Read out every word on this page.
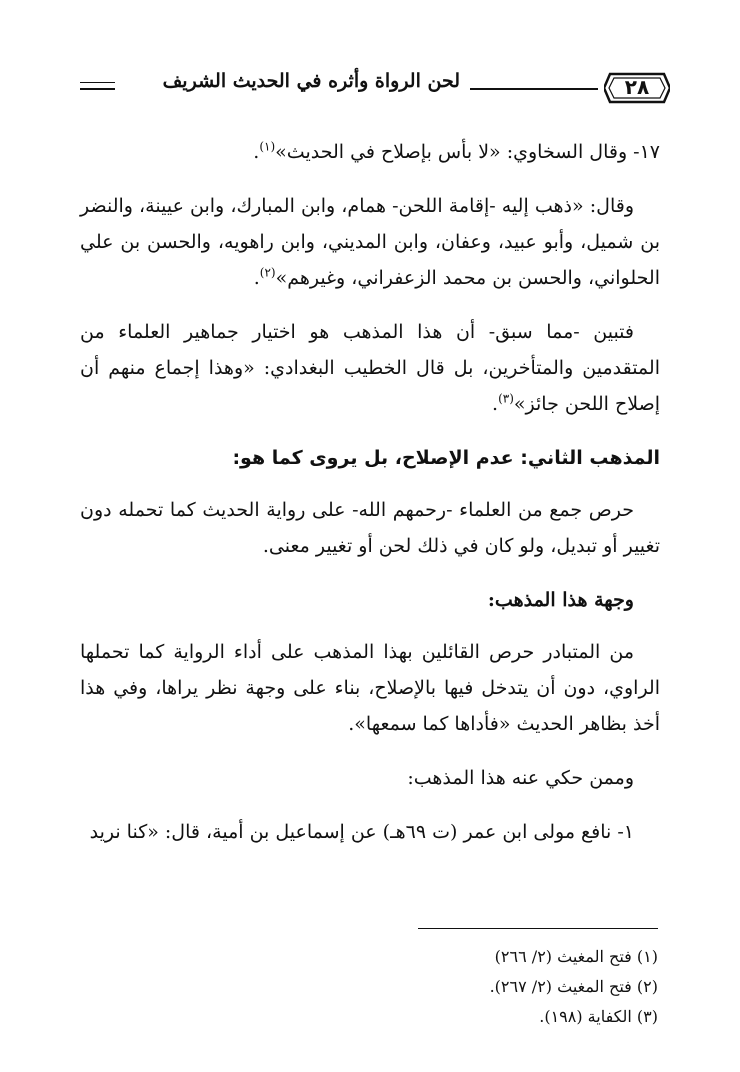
٢٨
لحن الرواة وأثره في الحديث الشريف

١٧- وقال السخاوي: «لا بأس بإصلاح في الحديث»$^{(١)}$.

وقال: «ذهب إليه -إقامة اللحن- همام، وابن المبارك، وابن عيينة، والنضر بن شميل، وأبو عبيد، وعفان، وابن المديني، وابن راهويه، والحسن بن علي الحلواني، والحسن بن محمد الزعفراني، وغيرهم»$^{(٢)}$.

فتبين -مما سبق- أن هذا المذهب هو اختيار جماهير العلماء من المتقدمين والمتأخرين، بل قال الخطيب البغدادي: «وهذا إجماع منهم أن إصلاح اللحن جائز»$^{(٣)}$.

المذهب الثاني: عدم الإصلاح، بل يروى كما هو:

حرص جمع من العلماء -رحمهم الله- على رواية الحديث كما تحمله دون تغيير أو تبديل، ولو كان في ذلك لحن أو تغيير معنى.

وجهة هذا المذهب:

من المتبادر حرص القائلين بهذا المذهب على أداء الرواية كما تحملها الراوي، دون أن يتدخل فيها بالإصلاح، بناء على وجهة نظر يراها، وفي هذا أخذ بظاهر الحديث «فأداها كما سمعها».

وممن حكي عنه هذا المذهب:

١- نافع مولى ابن عمر (ت ٦٩هـ) عن إسماعيل بن أمية، قال: «كنا نريد

(١) فتح المغيث (٢/ ٢٦٦)
(٢) فتح المغيث (٢/ ٢٦٧).
(٣) الكفاية (١٩٨).
